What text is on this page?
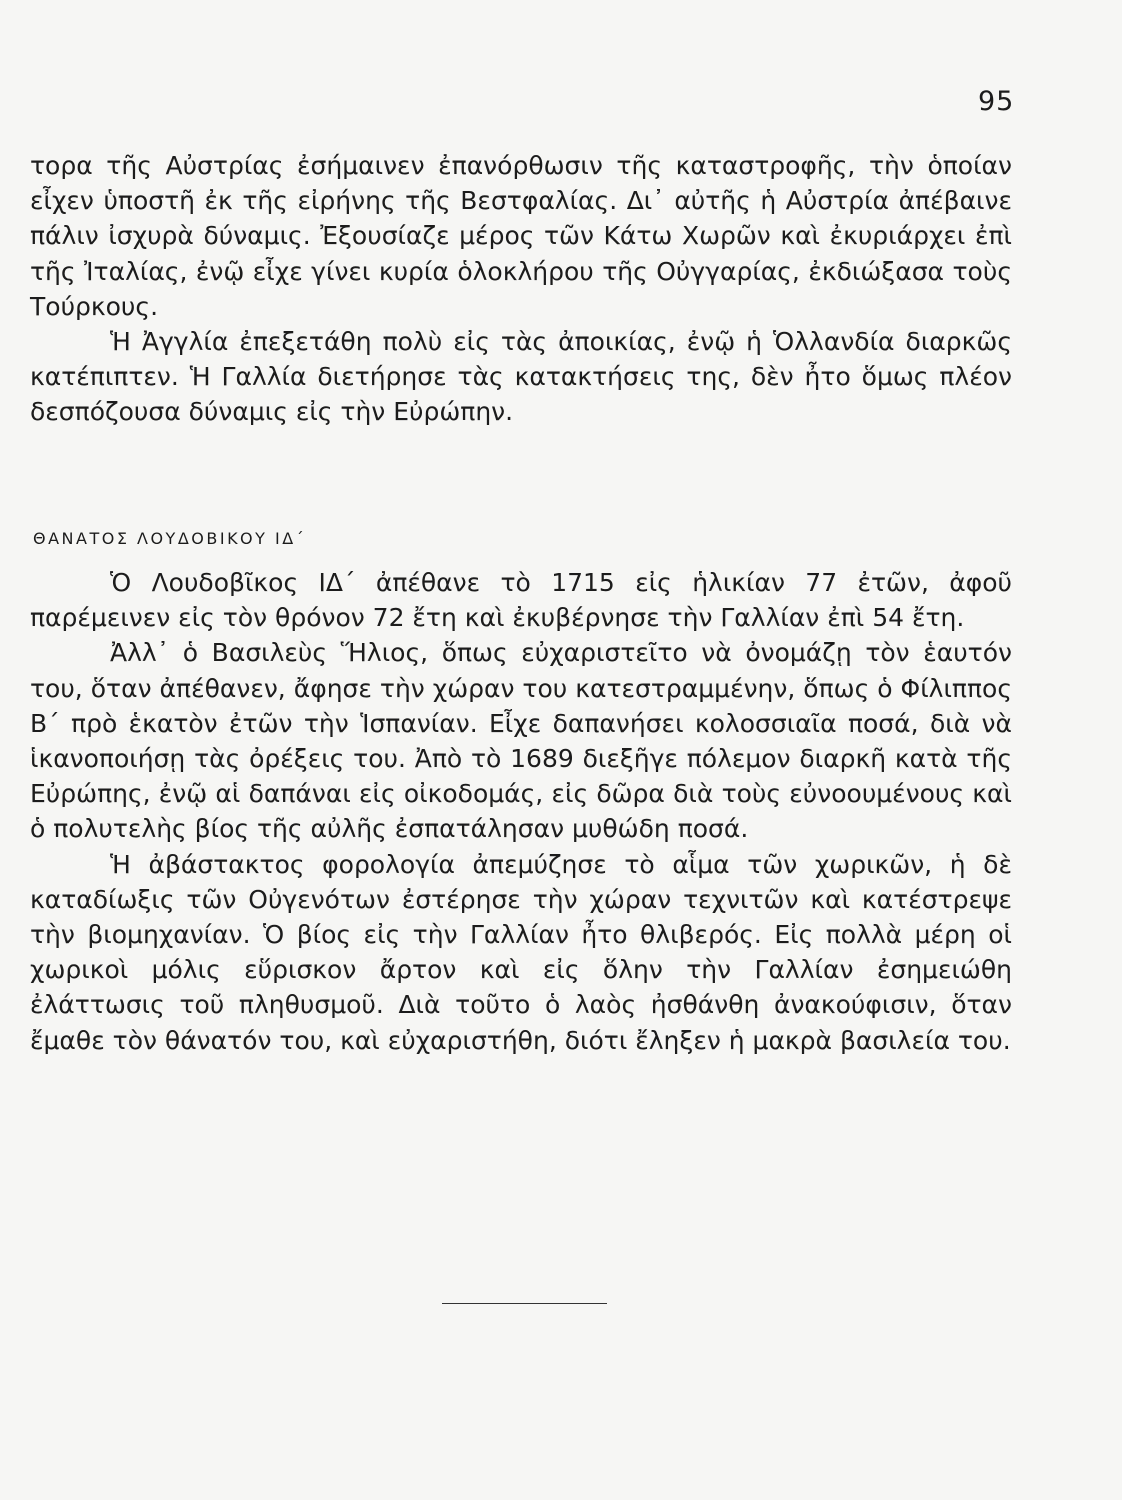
95

τορα τῆς Αὐστρίας ἐσήμαινεν ἐπανόρθωσιν τῆς καταστροφῆς, τὴν ὁποίαν εἶχεν ὑποστῆ ἐκ τῆς εἰρήνης τῆς Βεστφαλίας. Δι᾽ αὐτῆς ἡ Αὐστρία ἀπέβαινε πάλιν ἰσχυρὰ δύναμις. Ἐξουσίαζε μέρος τῶν Κάτω Χωρῶν καὶ ἐκυριάρχει ἐπὶ τῆς Ἰταλίας, ἐνῷ εἶχε γίνει κυρία ὁλοκλήρου τῆς Οὐγγαρίας, ἐκδιώξασα τοὺς Τούρκους.

Ἡ Ἀγγλία ἐπεξετάθη πολὺ εἰς τὰς ἀποικίας, ἐνῷ ἡ Ὁλλανδία διαρκῶς κατέπιπτεν. Ἡ Γαλλία διετήρησε τὰς κατακτήσεις της, δὲν ἦτο ὅμως πλέον δεσπόζουσα δύναμις εἰς τὴν Εὐρώπην.

ΘΑΝΑΤΟΣ ΛΟΥΔΟΒΙΚΟΥ ΙΔ΄

Ὁ Λουδοβῖκος ΙΔ΄ ἀπέθανε τὸ 1715 εἰς ἡλικίαν 77 ἐτῶν, ἀφοῦ παρέμεινεν εἰς τὸν θρόνον 72 ἔτη καὶ ἐκυβέρνησε τὴν Γαλλίαν ἐπὶ 54 ἔτη.

Ἀλλ᾽ ὁ Βασιλεὺς Ἥλιος, ὅπως εὐχαριστεῖτο νὰ ὀνομάζῃ τὸν ἑαυτόν του, ὅταν ἀπέθανεν, ἄφησε τὴν χώραν του κατεστραμμένην, ὅπως ὁ Φίλιππος Β΄ πρὸ ἑκατὸν ἐτῶν τὴν Ἱσπανίαν. Εἶχε δαπανήσει κολοσσιαῖα ποσά, διὰ νὰ ἱκανοποιήσῃ τὰς ὀρέξεις του. Ἀπὸ τὸ 1689 διεξῆγε πόλεμον διαρκῆ κατὰ τῆς Εὐρώπης, ἐνῷ αἱ δαπάναι εἰς οἰκοδομάς, εἰς δῶρα διὰ τοὺς εὐνοουμένους καὶ ὁ πολυτελὴς βίος τῆς αὐλῆς ἐσπατάλησαν μυθώδη ποσά.

Ἡ ἀβάστακτος φορολογία ἀπεμύζησε τὸ αἷμα τῶν χωρικῶν, ἡ δὲ καταδίωξις τῶν Οὐγενότων ἐστέρησε τὴν χώραν τεχνιτῶν καὶ κατέστρεψε τὴν βιομηχανίαν. Ὁ βίος εἰς τὴν Γαλλίαν ἦτο θλιβερός. Εἰς πολλὰ μέρη οἱ χωρικοὶ μόλις εὕρισκον ἄρτον καὶ εἰς ὅλην τὴν Γαλλίαν ἐσημειώθη ἐλάττωσις τοῦ πληθυσμοῦ. Διὰ τοῦτο ὁ λαὸς ἠσθάνθη ἀνακούφισιν, ὅταν ἔμαθε τὸν θάνατόν του, καὶ εὐχαριστήθη, διότι ἔληξεν ἡ μακρὰ βασιλεία του.
